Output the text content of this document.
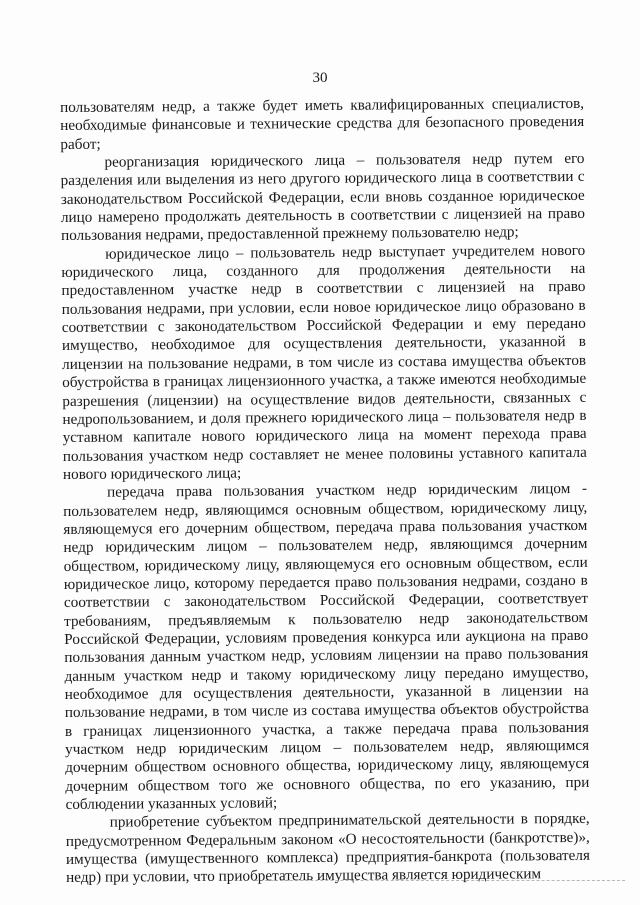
30

пользователям недр, а также будет иметь квалифицированных специалистов, необходимые финансовые и технические средства для безопасного проведения работ;

реорганизация юридического лица – пользователя недр путем его разделения или выделения из него другого юридического лица в соответствии с законодательством Российской Федерации, если вновь созданное юридическое лицо намерено продолжать деятельность в соответствии с лицензией на право пользования недрами, предоставленной прежнему пользователю недр;

юридическое лицо – пользователь недр выступает учредителем нового юридического лица, созданного для продолжения деятельности на предоставленном участке недр в соответствии с лицензией на право пользования недрами, при условии, если новое юридическое лицо образовано в соответствии с законодательством Российской Федерации и ему передано имущество, необходимое для осуществления деятельности, указанной в лицензии на пользование недрами, в том числе из состава имущества объектов обустройства в границах лицензионного участка, а также имеются необходимые разрешения (лицензии) на осуществление видов деятельности, связанных с недропользованием, и доля прежнего юридического лица – пользователя недр в уставном капитале нового юридического лица на момент перехода права пользования участком недр составляет не менее половины уставного капитала нового юридического лица;

передача права пользования участком недр юридическим лицом - пользователем недр, являющимся основным обществом, юридическому лицу, являющемуся его дочерним обществом, передача права пользования участком недр юридическим лицом – пользователем недр, являющимся дочерним обществом, юридическому лицу, являющемуся его основным обществом, если юридическое лицо, которому передается право пользования недрами, создано в соответствии с законодательством Российской Федерации, соответствует требованиям, предъявляемым к пользователю недр законодательством Российской Федерации, условиям проведения конкурса или аукциона на право пользования данным участком недр, условиям лицензии на право пользования данным участком недр и такому юридическому лицу передано имущество, необходимое для осуществления деятельности, указанной в лицензии на пользование недрами, в том числе из состава имущества объектов обустройства в границах лицензионного участка, а также передача права пользования участком недр юридическим лицом – пользователем недр, являющимся дочерним обществом основного общества, юридическому лицу, являющемуся дочерним обществом того же основного общества, по его указанию, при соблюдении указанных условий;

приобретение субъектом предпринимательской деятельности в порядке, предусмотренном Федеральным законом «О несостоятельности (банкротстве)», имущества (имущественного комплекса) предприятия-банкрота (пользователя недр) при условии, что приобретатель имущества является юридическим
